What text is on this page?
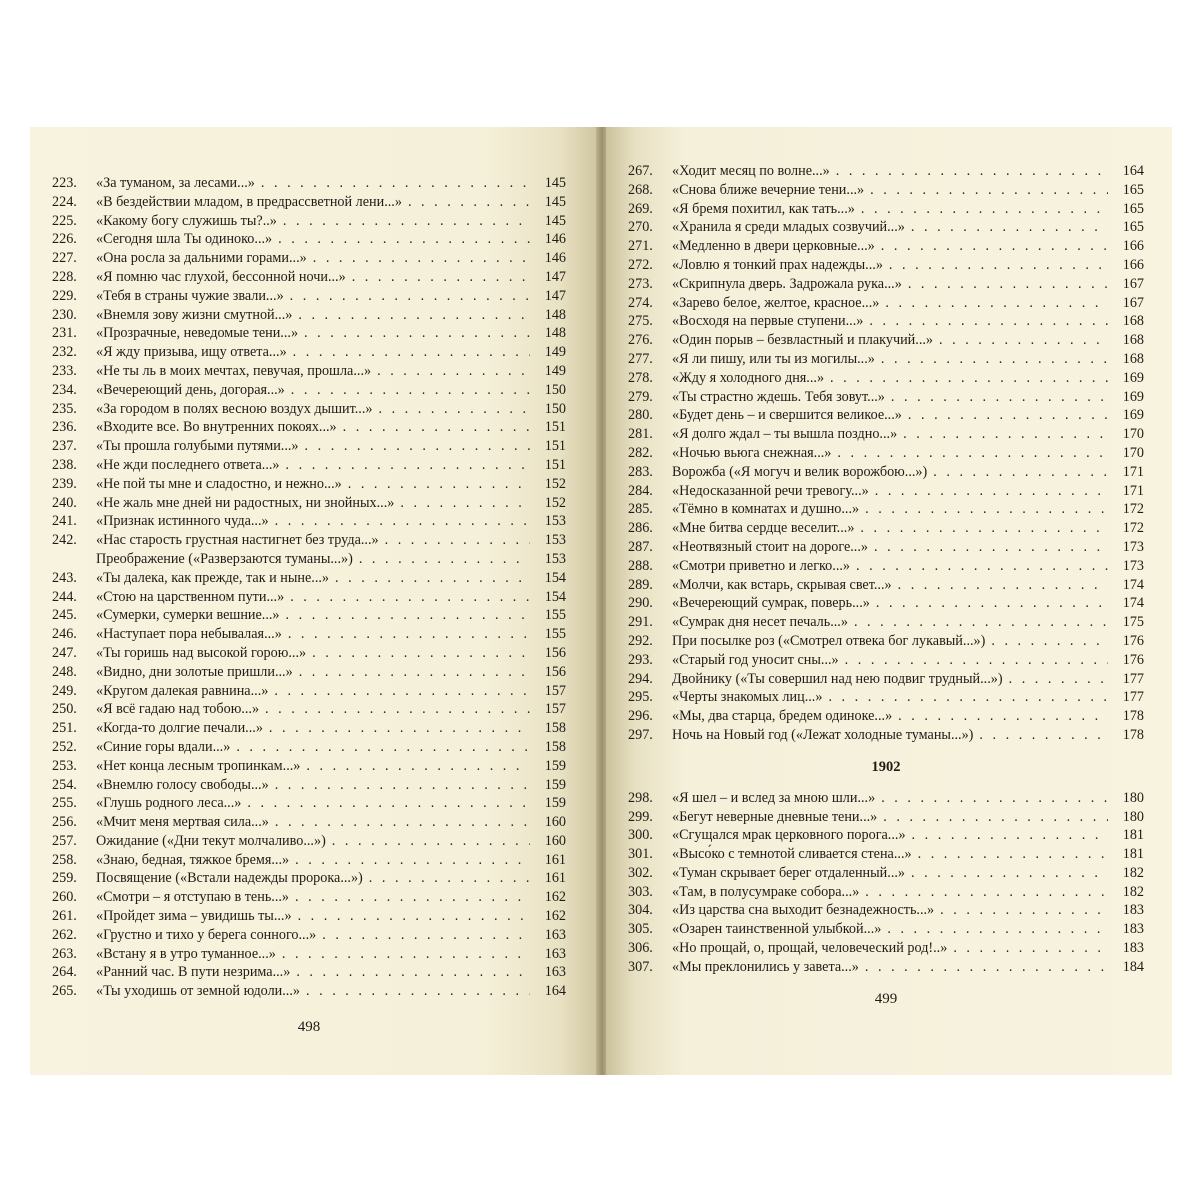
223.	«За туманом, за лесами...» . . .	145
224.	«В бездействии младом, в предрассветной лени...» . . .	145
225.	«Какому богу служишь ты?..» . . .	145
226.	«Сегодня шла Ты одиноко...» . . .	146
227.	«Она росла за дальними горами...» . . .	146
228.	«Я помню час глухой, бессонной ночи...» . . .	147
229.	«Тебя в страны чужие звали...» . . .	147
230.	«Внемля зову жизни смутной...» . . .	148
231.	«Прозрачные, неведомые тени...» . . .	148
232.	«Я жду призыва, ищу ответа...» . . .	149
233.	«Не ты ль в моих мечтах, певучая, прошла...» . . .	149
234.	«Вечереющий день, догорая...» . . .	150
235.	«За городом в полях весною воздух дышит...» . . .	150
236.	«Входите все. Во внутренних покоях...» . . .	151
237.	«Ты прошла голубыми путями...» . . .	151
238.	«Не жди последнего ответа...» . . .	151
239.	«Не пой ты мне и сладостно, и нежно...» . . .	152
240.	«Не жаль мне дней ни радостных, ни знойных...» . . .	152
241.	«Признак истинного чуда...» . . .	153
242.	«Нас старость грустная настигнет без труда...» . . .	153
Преображение («Разверзаются туманы...») . . .	153
243.	«Ты далека, как прежде, так и ныне...» . . .	154
244.	«Стою на царственном пути...» . . .	154
245.	«Сумерки, сумерки вешние...» . . .	155
246.	«Наступает пора небывалая...» . . .	155
247.	«Ты горишь над высокой горою...» . . .	156
248.	«Видно, дни золотые пришли...» . . .	156
249.	«Кругом далекая равнина...» . . .	157
250.	«Я всё гадаю над тобою...» . . .	157
251.	«Когда-то долгие печали...» . . .	158
252.	«Синие горы вдали...» . . .	158
253.	«Нет конца лесным тропинкам...» . . .	159
254.	«Внемлю голосу свободы...» . . .	159
255.	«Глушь родного леса...» . . .	159
256.	«Мчит меня мертвая сила...» . . .	160
257.	Ожидание («Дни текут молчаливо...») . . .	160
258.	«Знаю, бедная, тяжкое бремя...» . . .	161
259.	Посвящение («Встали надежды пророка...») . . .	161
260.	«Смотри – я отступаю в тень...» . . .	162
261.	«Пройдет зима – увидишь ты...» . . .	162
262.	«Грустно и тихо у берега сонного...» . . .	163
263.	«Встану я в утро туманное...» . . .	163
264.	«Ранний час. В пути незрима...» . . .	163
265.	«Ты уходишь от земной юдоли...» . . .	164
498
267.	«Ходит месяц по волне...» . . .	164
268.	«Снова ближе вечерние тени...» . . .	165
269.	«Я бремя похитил, как тать...» . . .	165
270.	«Хранила я среди младых созвучий...» . . .	165
271.	«Медленно в двери церковные...» . . .	166
272.	«Ловлю я тонкий прах надежды...» . . .	166
273.	«Скрипнула дверь. Задрожала рука...» . . .	167
274.	«Зарево белое, желтое, красное...» . . .	167
275.	«Восходя на первые ступени...» . . .	168
276.	«Один порыв – безвластный и плакучий...» . . .	168
277.	«Я ли пишу, или ты из могилы...» . . .	168
278.	«Жду я холодного дня...» . . .	169
279.	«Ты страстно ждешь. Тебя зовут...» . . .	169
280.	«Будет день – и свершится великое...» . . .	169
281.	«Я долго ждал – ты вышла поздно...» . . .	170
282.	«Ночью вьюга снежная...» . . .	170
283.	Ворожба («Я могуч и велик ворожбою...») . . .	171
284.	«Недосказанной речи тревогу...» . . .	171
285.	«Тёмно в комнатах и душно...» . . .	172
286.	«Мне битва сердце веселит...» . . .	172
287.	«Неотвязный стоит на дороге...» . . .	173
288.	«Смотри приветно и легко...» . . .	173
289.	«Молчи, как встарь, скрывая свет...» . . .	174
290.	«Вечереющий сумрак, поверь...» . . .	174
291.	«Сумрак дня несет печаль...» . . .	175
292.	При посылке роз («Смотрел отвека бог лукавый...») . . .	176
293.	«Старый год уносит сны...» . . .	176
294.	Двойнику («Ты совершил над нею подвиг трудный...») . . .	177
295.	«Черты знакомых лиц...» . . .	177
296.	«Мы, два старца, бредем одиноке...» . . .	178
297.	Ночь на Новый год («Лежат холодные туманы...») . . .	178
1902
298.	«Я шел – и вслед за мною шли...» . . .	180
299.	«Бегут неверные дневные тени...» . . .	180
300.	«Сгущался мрак церковного порога...» . . .	181
301.	«Высо́ко с темнотой сливается стена...» . . .	181
302.	«Туман скрывает берег отдаленный...» . . .	182
303.	«Там, в полусумраке собора...» . . .	182
304.	«Из царства сна выходит безнадежность...» . . .	183
305.	«Озарен таинственной улыбкой...» . . .	183
306.	«Но прощай, о, прощай, человеческий род!..» . . .	183
307.	«Мы преклонились у завета...» . . .	184
499
